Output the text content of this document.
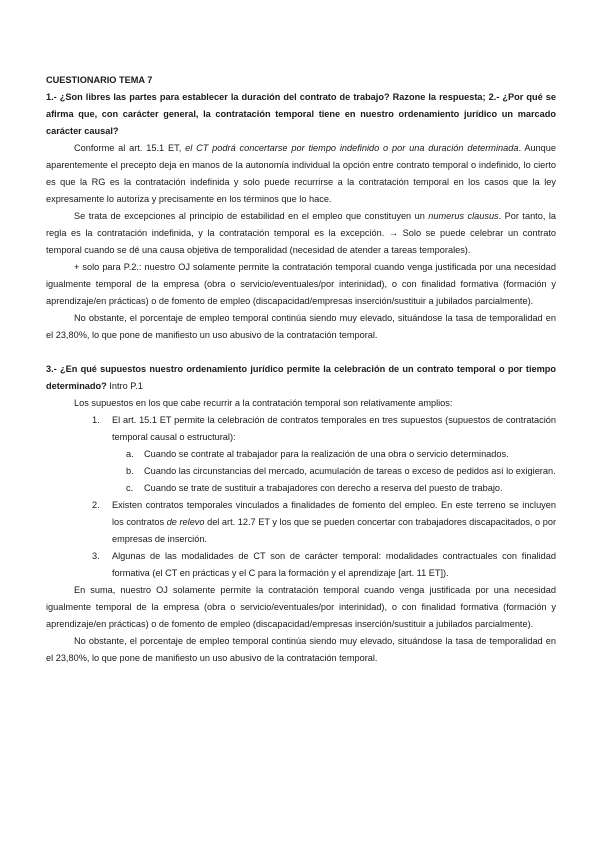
CUESTIONARIO TEMA 7

1.- ¿Son libres las partes para establecer la duración del contrato de trabajo? Razone la respuesta; 2.- ¿Por qué se afirma que, con carácter general, la contratación temporal tiene en nuestro ordenamiento jurídico un marcado carácter causal?

Conforme al art. 15.1 ET, el CT podrá concertarse por tiempo indefinido o por una duración determinada. Aunque aparentemente el precepto deja en manos de la autonomía individual la opción entre contrato temporal o indefinido, lo cierto es que la RG es la contratación indefinida y solo puede recurrirse a la contratación temporal en los casos que la ley expresamente lo autoriza y precisamente en los términos que lo hace.

Se trata de excepciones al principio de estabilidad en el empleo que constituyen un numerus clausus. Por tanto, la regla es la contratación indefinida, y la contratación temporal es la excepción. → Solo se puede celebrar un contrato temporal cuando se dé una causa objetiva de temporalidad (necesidad de atender a tareas temporales).

+ solo para P.2.: nuestro OJ solamente permite la contratación temporal cuando venga justificada por una necesidad igualmente temporal de la empresa (obra o servicio/eventuales/por interinidad), o con finalidad formativa (formación y aprendizaje/en prácticas) o de fomento de empleo (discapacidad/empresas inserción/sustituir a jubilados parcialmente).

No obstante, el porcentaje de empleo temporal continúa siendo muy elevado, situándose la tasa de temporalidad en el 23,80%, lo que pone de manifiesto un uso abusivo de la contratación temporal.

3.- ¿En qué supuestos nuestro ordenamiento jurídico permite la celebración de un contrato temporal o por tiempo determinado? Intro P.1

Los supuestos en los que cabe recurrir a la contratación temporal son relativamente amplios:

1. El art. 15.1 ET permite la celebración de contratos temporales en tres supuestos (supuestos de contratación temporal causal o estructural):
a. Cuando se contrate al trabajador para la realización de una obra o servicio determinados.
b. Cuando las circunstancias del mercado, acumulación de tareas o exceso de pedidos así lo exigieran.
c. Cuando se trate de sustituir a trabajadores con derecho a reserva del puesto de trabajo.
2. Existen contratos temporales vinculados a finalidades de fomento del empleo. En este terreno se incluyen los contratos de relevo del art. 12.7 ET y los que se pueden concertar con trabajadores discapacitados, o por empresas de inserción.
3. Algunas de las modalidades de CT son de carácter temporal: modalidades contractuales con finalidad formativa (el CT en prácticas y el C para la formación y el aprendizaje [art. 11 ET]).

En suma, nuestro OJ solamente permite la contratación temporal cuando venga justificada por una necesidad igualmente temporal de la empresa (obra o servicio/eventuales/por interinidad), o con finalidad formativa (formación y aprendizaje/en prácticas) o de fomento de empleo (discapacidad/empresas inserción/sustituir a jubilados parcialmente).

No obstante, el porcentaje de empleo temporal continúa siendo muy elevado, situándose la tasa de temporalidad en el 23,80%, lo que pone de manifiesto un uso abusivo de la contratación temporal.
